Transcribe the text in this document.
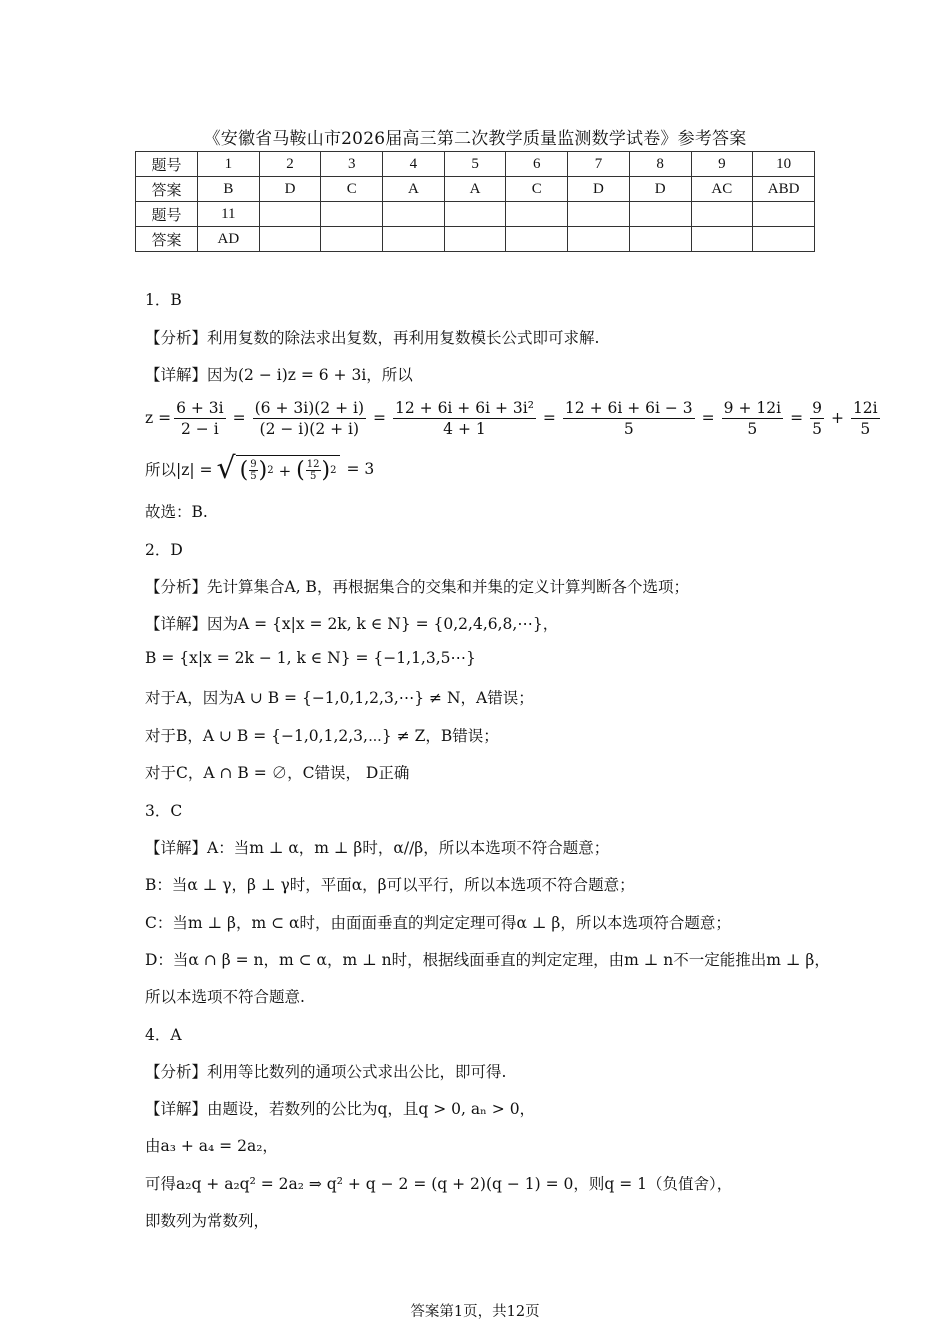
《安徽省马鞍山市2026届高三第二次教学质量监测数学试卷》参考答案
题号	1	2	3	4	5	6	7	8	9	10
答案	B	D	C	A	A	C	D	D	AC	ABD
题号	11									
答案	AD									
1．B
【分析】利用复数的除法求出复数，再利用复数模长公式即可求解.
【详解】因为(2 − i)z = 6 + 3i，所以
$z = \frac{6 + 3i}{2 - i} = \frac{(6 + 3i)(2 + i)}{(2 - i)(2 + i)} = \frac{\text{12 + 6i + 6i + 3i²}}{4 + 1} = \frac{12 + 6i + 6i - 3}{5} = \frac{9 + 12i}{5} = \frac{9}{5} + \frac{12i}{5}$
所以|z| = √ ( $\frac{9}{5}$ ) 2 + ( $\frac{12}{5}$ ) 2 = 3
故选：B.
2．D
【分析】先计算集合A, B，再根据集合的交集和并集的定义计算判断各个选项；
【详解】因为A = {x|x = 2k, k ∈ N} = {0,2,4,6,8,⋯}，
B = {x|x = 2k − 1, k ∈ N} = {−1,1,3,5⋯}
对于A，因为A ∪ B = {−1,0,1,2,3,⋯} ≠ N，A错误；
对于B，A ∪ B = {−1,0,1,2,3,⋯} ≠ Z，B错误；
对于C，A ∩ B = ∅，C错误， D正确
3．C
【详解】A：当m ⊥ α，m ⊥ β时，α//β，所以本选项不符合题意；
B：当α ⊥ γ，β ⊥ γ时，平面α，β可以平行，所以本选项不符合题意；
C：当m ⊥ β，m ⊂ α时，由面面垂直的判定定理可得α ⊥ β，所以本选项符合题意；
D：当α ∩ β = n，m ⊂ α，m ⊥ n时，根据线面垂直的判定定理，由m ⊥ n不一定能推出m ⊥ β，
所以本选项不符合题意.
4．A
【分析】利用等比数列的通项公式求出公比，即可得.
【详解】由题设，若数列的公比为q，且q > 0, aₙ > 0，
由a₃ + a₄ = 2a₂，
可得a₂q + a₂q² = 2a₂ ⇒ q² + q − 2 = (q + 2)(q − 1) = 0，则q = 1（负值舍），
即数列为常数列，
答案第1页，共12页
